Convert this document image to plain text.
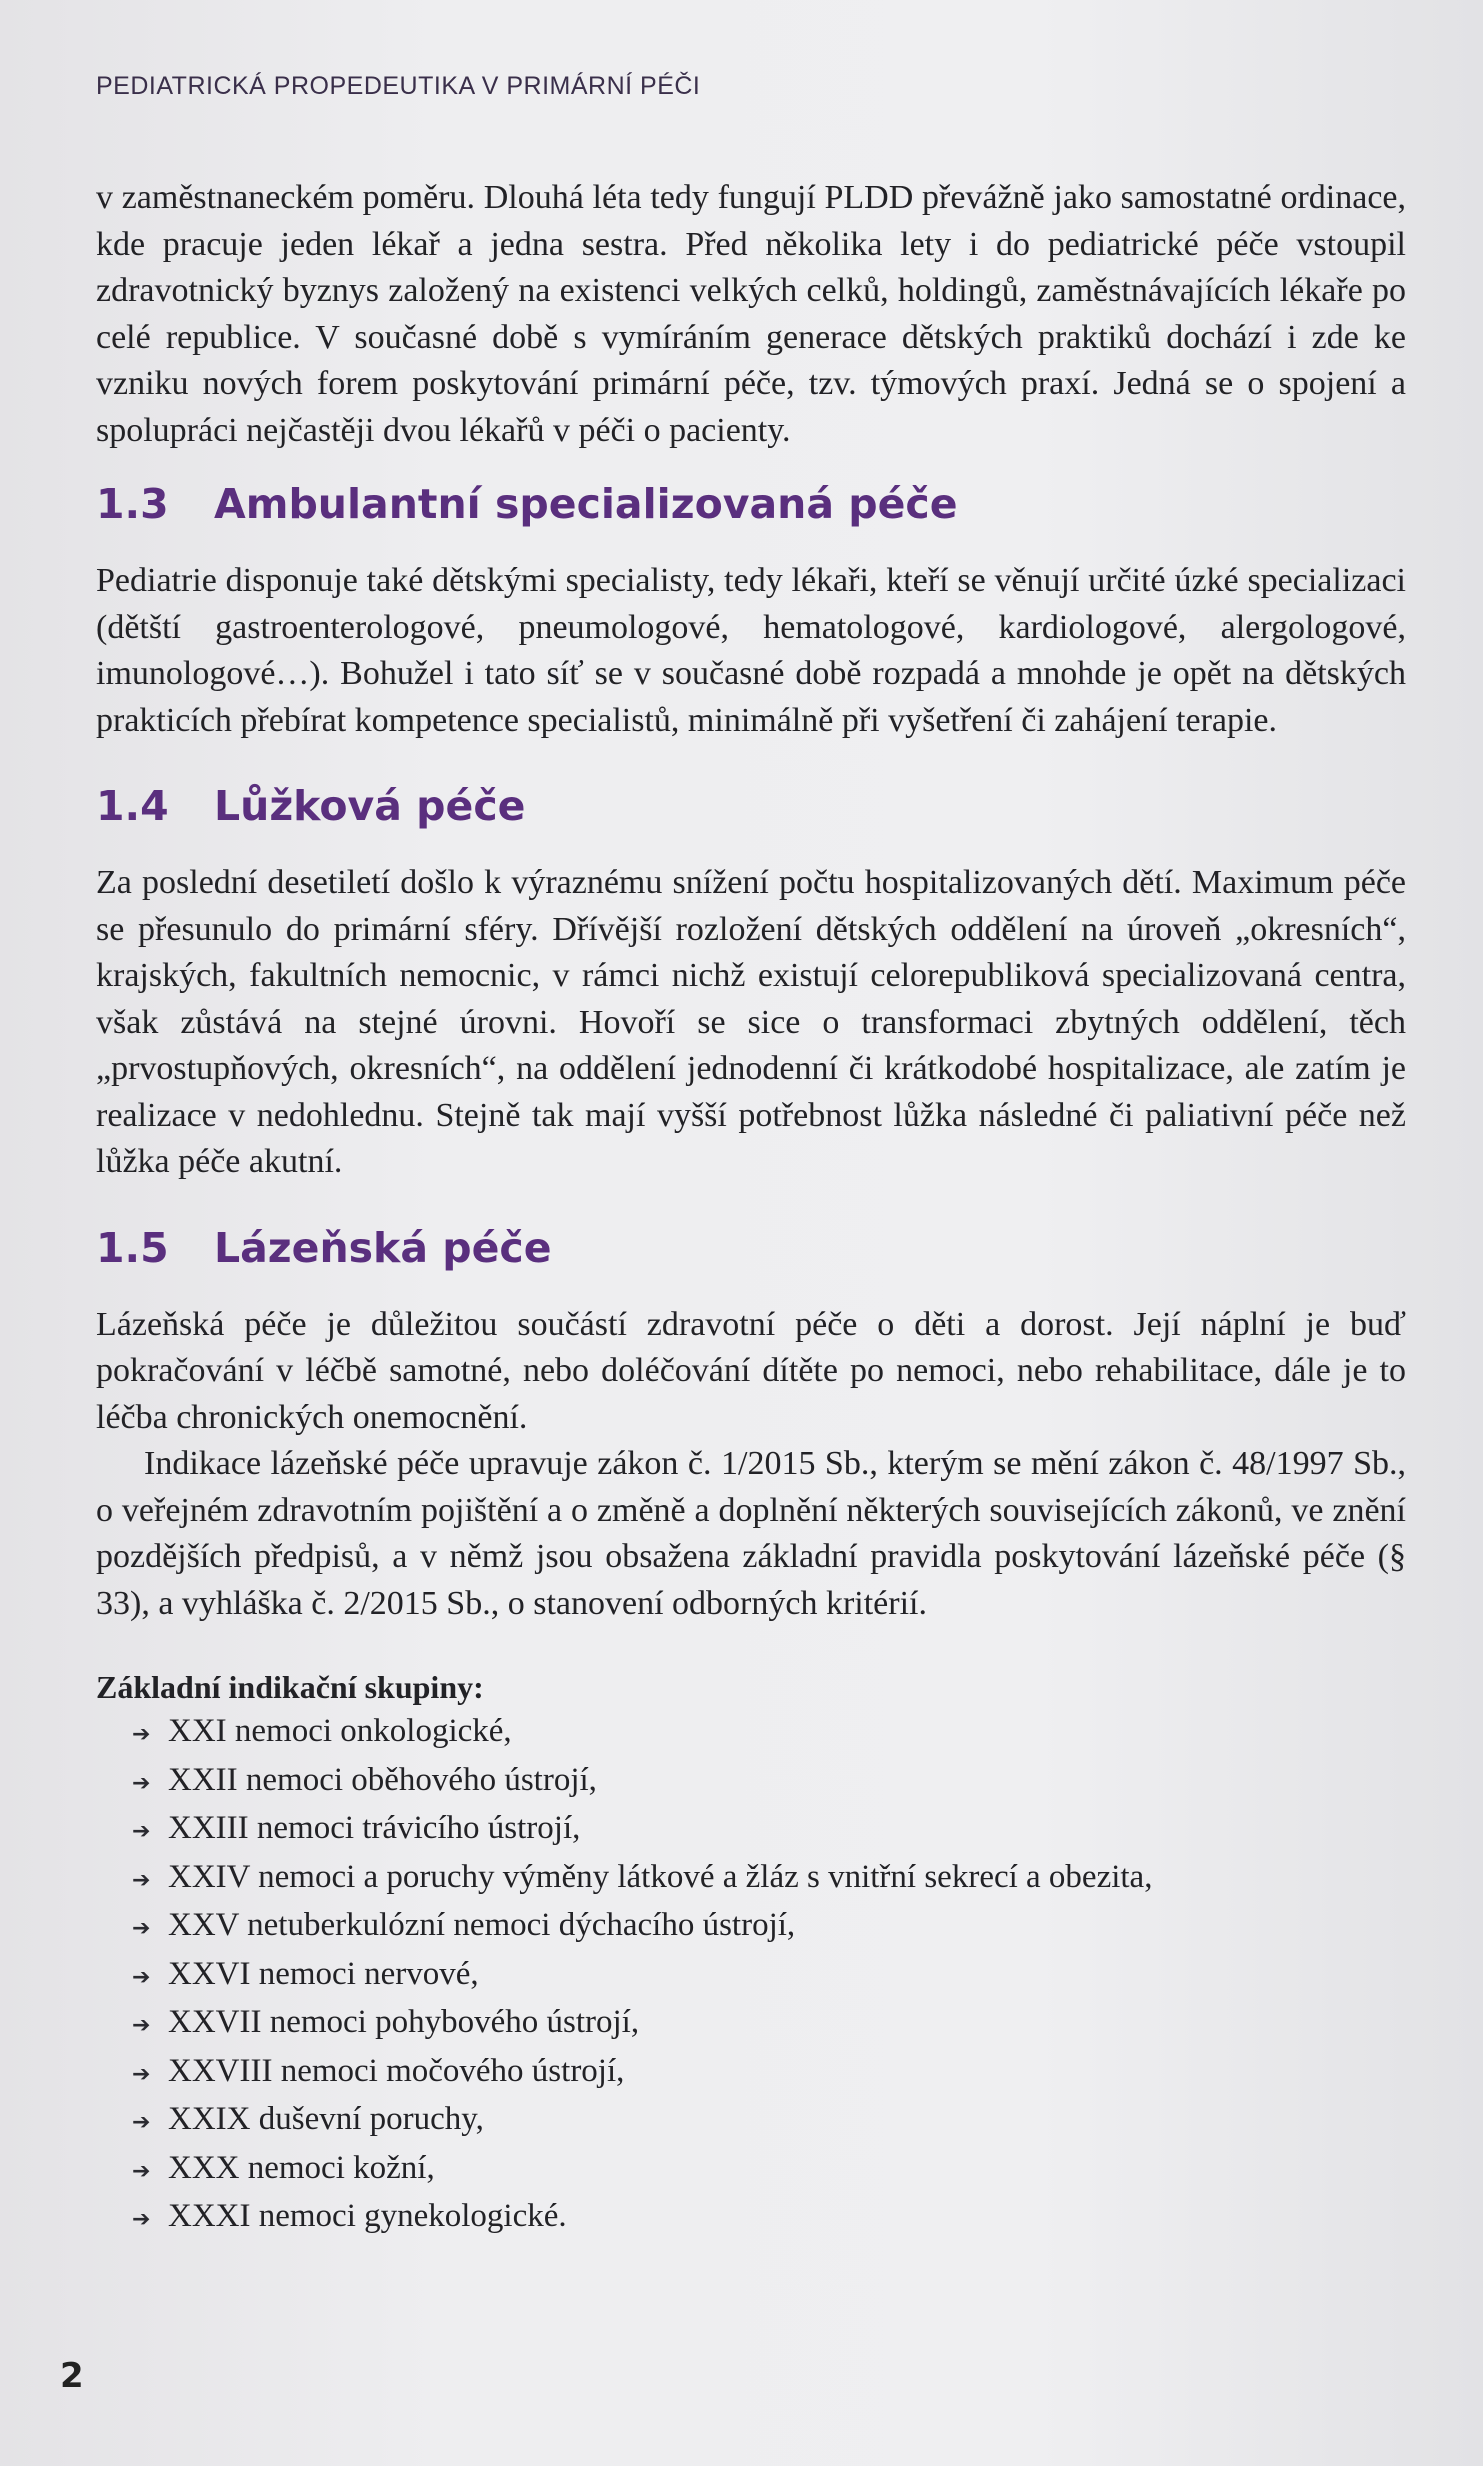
PEDIATRICKÁ PROPEDEUTIKA V PRIMÁRNÍ PÉČI

v zaměstnaneckém poměru. Dlouhá léta tedy fungují PLDD převážně jako samostatné ordinace, kde pracuje jeden lékař a jedna sestra. Před několika lety i do pediatrické péče vstoupil zdravotnický byznys založený na existenci velkých celků, holdingů, zaměstnávajících lékaře po celé republice. V současné době s vymíráním generace dětských praktiků dochází i zde ke vzniku nových forem poskytování primární péče, tzv. týmových praxí. Jedná se o spojení a spolupráci nejčastěji dvou lékařů v péči o pacienty.

1.3	Ambulantní specializovaná péče

Pediatrie disponuje také dětskými specialisty, tedy lékaři, kteří se věnují určité úzké specializaci (dětští gastroenterologové, pneumologové, hematologové, kardiologové, alergologové, imunologové…). Bohužel i tato síť se v současné době rozpadá a mnohde je opět na dětských prakticích přebírat kompetence specialistů, minimálně při vyšetření či zahájení terapie.

1.4	Lůžková péče

Za poslední desetiletí došlo k výraznému snížení počtu hospitalizovaných dětí. Maximum péče se přesunulo do primární sféry. Dřívější rozložení dětských oddělení na úroveň „okresních“, krajských, fakultních nemocnic, v rámci nichž existují celorepubliková specializovaná centra, však zůstává na stejné úrovni. Hovoří se sice o transformaci zbytných oddělení, těch „prvostupňových, okresních“, na oddělení jednodenní či krátkodobé hospitalizace, ale zatím je realizace v nedohlednu. Stejně tak mají vyšší potřebnost lůžka následné či paliativní péče než lůžka péče akutní.

1.5	Lázeňská péče

Lázeňská péče je důležitou součástí zdravotní péče o děti a dorost. Její náplní je buď pokračování v léčbě samotné, nebo doléčování dítěte po nemoci, nebo rehabilitace, dále je to léčba chronických onemocnění.

Indikace lázeňské péče upravuje zákon č. 1/2015 Sb., kterým se mění zákon č. 48/1997 Sb., o veřejném zdravotním pojištění a o změně a doplnění některých souvisejících zákonů, ve znění pozdějších předpisů, a v němž jsou obsažena základní pravidla poskytování lázeňské péče (§ 33), a vyhláška č. 2/2015 Sb., o stanovení odborných kritérií.

Základní indikační skupiny:
➔ XXI nemoci onkologické,
➔ XXII nemoci oběhového ústrojí,
➔ XXIII nemoci trávicího ústrojí,
➔ XXIV nemoci a poruchy výměny látkové a žláz s vnitřní sekrecí a obezita,
➔ XXV netuberkulózní nemoci dýchacího ústrojí,
➔ XXVI nemoci nervové,
➔ XXVII nemoci pohybového ústrojí,
➔ XXVIII nemoci močového ústrojí,
➔ XXIX duševní poruchy,
➔ XXX nemoci kožní,
➔ XXXI nemoci gynekologické.
2
